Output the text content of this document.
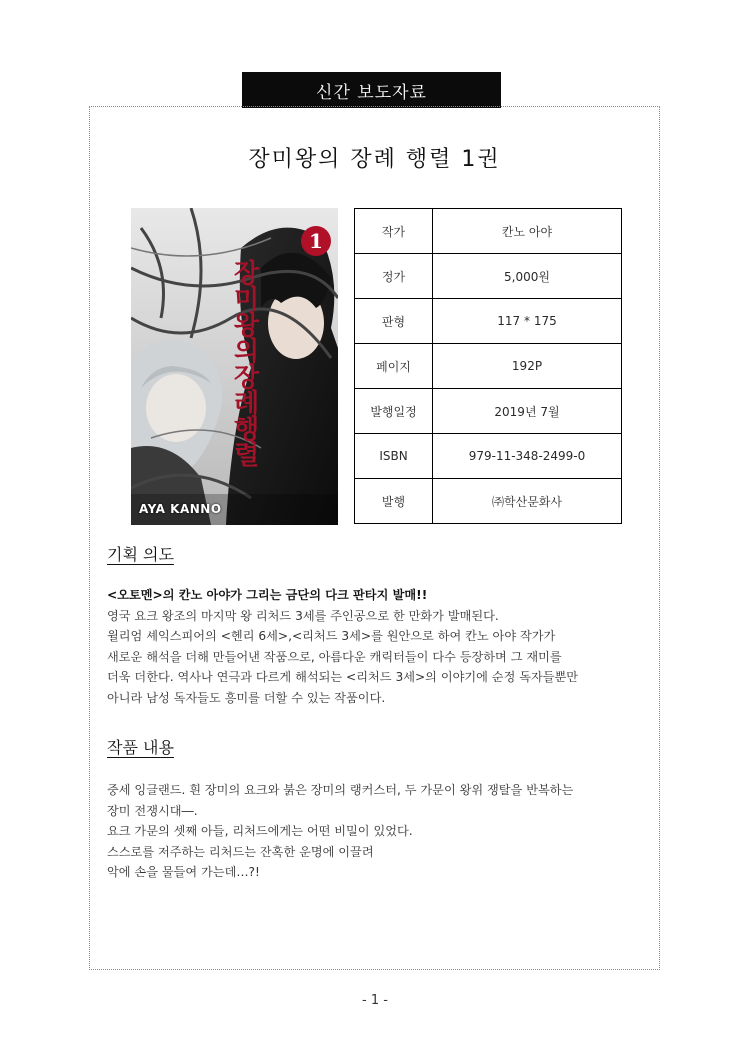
신간 보도자료
장미왕의 장례 행렬 1권
장미왕의장례행렬
1
AYA KANNO
작가	칸노 아야
정가	5,000원
판형	117 * 175
페이지	192P
발행일정	2019년 7월
ISBN	979-11-348-2499-0
발행	㈜학산문화사
기획 의도
<오토멘>의 칸노 아야가 그리는 금단의 다크 판타지 발매!!
영국 요크 왕조의 마지막 왕 리처드 3세를 주인공으로 한 만화가 발매된다.
윌리엄 셰익스피어의 <헨리 6세>,<리처드 3세>를 원안으로 하여 칸노 아야 작가가
새로운 해석을 더해 만들어낸 작품으로, 아름다운 캐릭터들이 다수 등장하며 그 재미를
더욱 더한다. 역사나 연극과 다르게 해석되는 <리처드 3세>의 이야기에 순정 독자들뿐만
아니라 남성 독자들도 흥미를 더할 수 있는 작품이다.
작품 내용
중세 잉글랜드. 흰 장미의 요크와 붉은 장미의 랭커스터, 두 가문이 왕위 쟁탈을 반복하는
장미 전쟁시대―.
요크 가문의 셋째 아들, 리처드에게는 어떤 비밀이 있었다.
스스로를 저주하는 리처드는 잔혹한 운명에 이끌려
악에 손을 물들여 가는데…?!
- 1 -
